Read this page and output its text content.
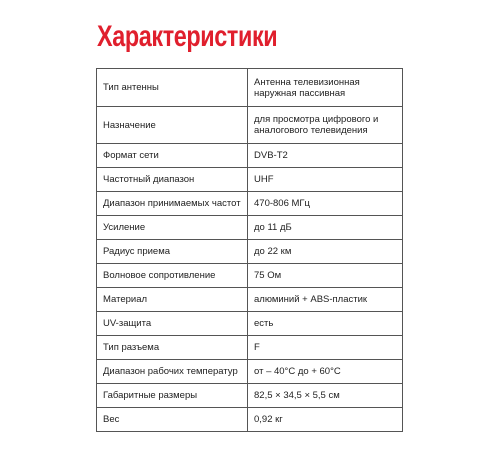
Характеристики
Тип антенны	Антенна телевизионная наружная пассивная
Назначение	для просмотра цифрового и аналогового телевидения
Формат сети	DVB-T2
Частотный диапазон	UHF
Диапазон принимаемых частот	470-806 МГц
Усиление	до 11 дБ
Радиус приема	до 22 км
Волновое сопротивление	75 Ом
Материал	алюминий + ABS-пластик
UV-защита	есть
Тип разъема	F
Диапазон рабочих температур	от – 40°C до + 60°C
Габаритные размеры	82,5 × 34,5 × 5,5 см
Вес	0,92 кг
